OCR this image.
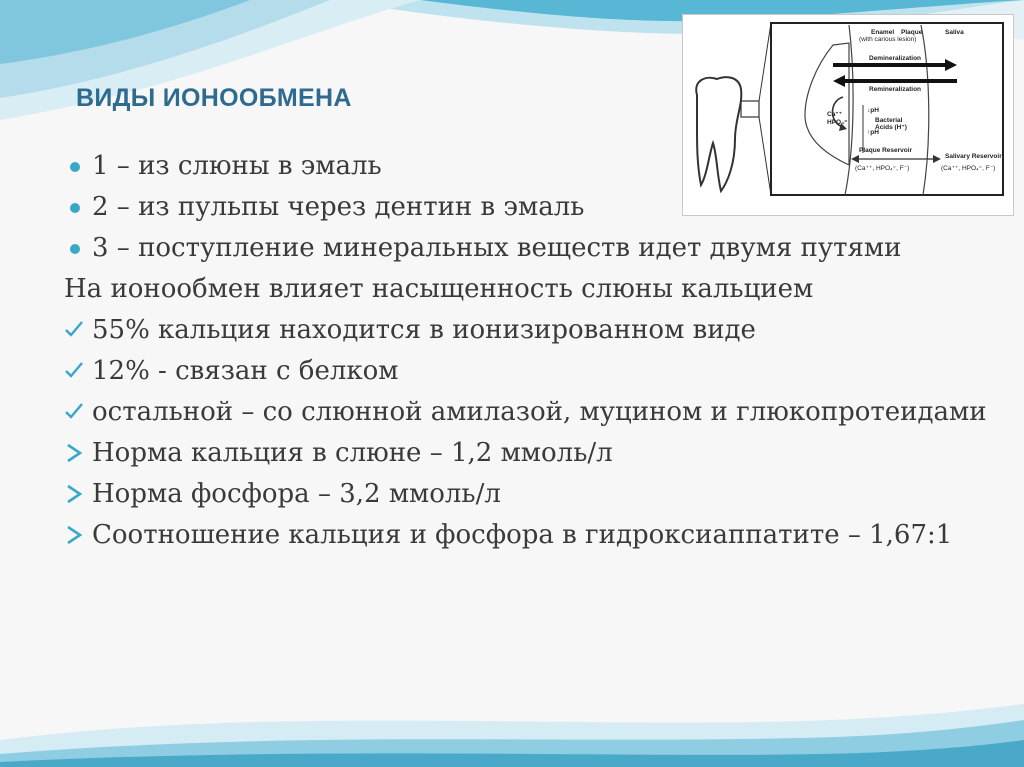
ВИДЫ ИОНООБМЕНА
Enamel
(with carious lesion)
Plaque	Saliva
Demineralization
Remineralization
↓pH
Ca⁺⁺
HPO₄⁼	Bacterial Acids (H⁺)
↑pH
Plaque Reservoir
(Ca⁺⁺, HPO₄⁼, F⁻)
Salivary Reservoir
(Ca⁺⁺, HPO₄⁼, F⁻)
1 – из слюны в эмаль
2 – из пульпы через дентин в эмаль
3 – поступление минеральных веществ идет двумя путями
На ионообмен влияет насыщенность слюны кальцием
55% кальция находится в ионизированном виде
12% - связан с белком
остальной – со слюнной амилазой, муцином и глюкопротеидами
Норма кальция в слюне – 1,2 ммоль/л
Норма фосфора – 3,2 ммоль/л
Соотношение кальция и фосфора в гидроксиаппатите – 1,67:1
